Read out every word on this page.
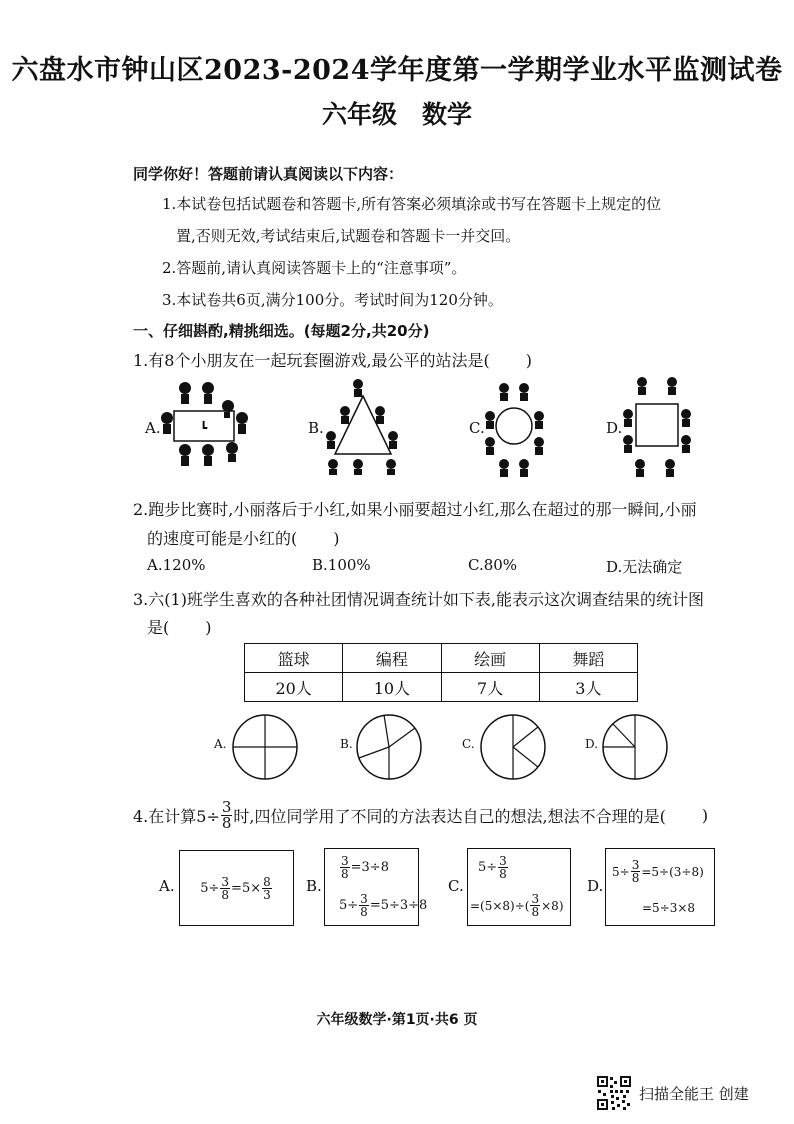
六盘水市钟山区2023-2024学年度第一学期学业水平监测试卷
六年级　数学
同学你好！答题前请认真阅读以下内容：
1.本试卷包括试题卷和答题卡,所有答案必须填涂或书写在答题卡上规定的位
置,否则无效,考试结束后,试题卷和答题卡一并交回。
2.答题前,请认真阅读答题卡上的“注意事项”。
3.本试卷共6页,满分100分。考试时间为120分钟。
一、仔细斟酌,精挑细选。(每题2分,共20分)
1.有8个小朋友在一起玩套圈游戏,最公平的站法是( )
A.	B.	C.	D.
┗
2.跑步比赛时,小丽落后于小红,如果小丽要超过小红,那么在超过的那一瞬间,小丽
的速度可能是小红的( )
A.120%	B.100%	C.80%	D.无法确定
3.六(1)班学生喜欢的各种社团情况调查统计如下表,能表示这次调查结果的统计图
是( )
篮球	编程	绘画	舞蹈
20人	10人	7人	3人
A.	B.	C.	D.
4.在计算$5\div \frac{3}{8}$ 时,四位同学用了不同的方法表达自己的想法,想法不合理的是( )
A.	B.	C.	D.
$5\div \frac{3}{8} =5\times \frac{8}{3}$
$\frac{3}{8} =3\div 8$
$5\div \frac{3}{8} =5\div 3\div 8$
$5\div \frac{3}{8}$
$=(5\times 8)\div( \frac{3}{8} \times 8)$
$5\div \frac{3}{8} =5\div(3\div 8)$
=5÷3×8
六年级数学·第1页·共6 页
扫描全能王 创建
